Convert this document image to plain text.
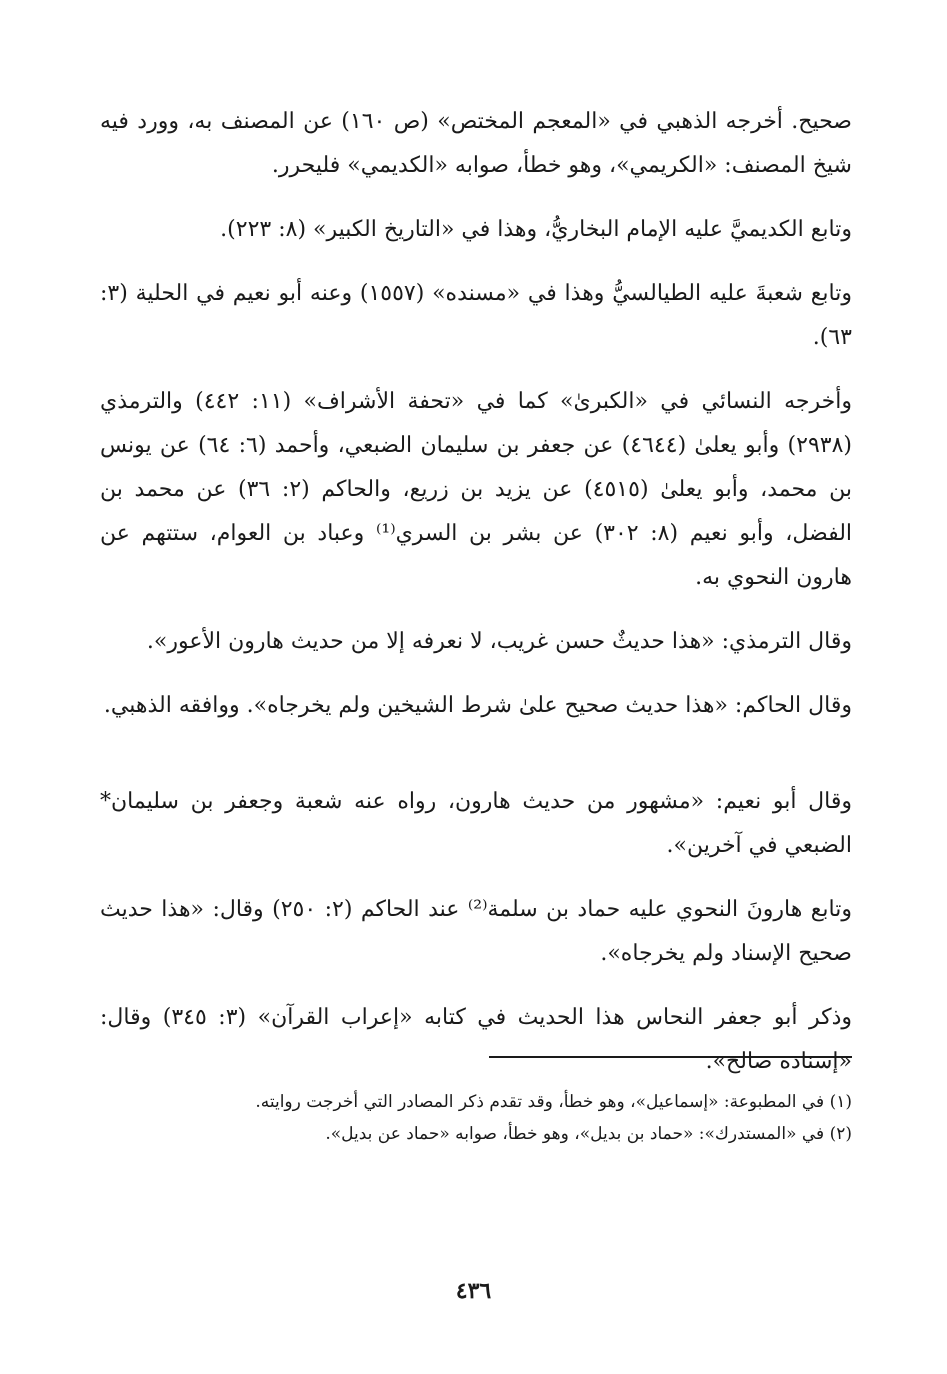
صحيح. أخرجه الذهبي في «المعجم المختص» (ص ١٦٠) عن المصنف به، وورد فيه شيخ المصنف: «الكريمي»، وهو خطأ، صوابه «الكديمي» فليحرر.

وتابع الكديميَّ عليه الإمام البخاريُّ، وهذا في «التاريخ الكبير» (٨: ٢٢٣).

وتابع شعبةَ عليه الطيالسيُّ وهذا في «مسنده» (١٥٥٧) وعنه أبو نعيم في الحلية (٣: ٦٣).

وأخرجه النسائي في «الكبرىٰ» كما في «تحفة الأشراف» (١١: ٤٤٢) والترمذي (٢٩٣٨) وأبو يعلىٰ (٤٦٤٤) عن جعفر بن سليمان الضبعي، وأحمد (٦: ٦٤) عن يونس بن محمد، وأبو يعلىٰ (٤٥١٥) عن يزيد بن زريع، والحاكم (٢: ٣٦) عن محمد بن الفضل، وأبو نعيم (٨: ٣٠٢) عن بشر بن السري⁽¹⁾ وعباد بن العوام، ستتهم عن هارون النحوي به.

وقال الترمذي: «هذا حديثٌ حسن غريب، لا نعرفه إلا من حديث هارون الأعور».

وقال الحاكم: «هذا حديث صحيح علىٰ شرط الشيخين ولم يخرجاه». ووافقه الذهبي.

وقال أبو نعيم: «مشهور من حديث هارون، رواه عنه شعبة وجعفر بن سليمان* الضبعي في آخرين».

وتابع هارونَ النحوي عليه حماد بن سلمة⁽²⁾ عند الحاكم (٢: ٢٥٠) وقال: «هذا حديث صحيح الإسناد ولم يخرجاه».

وذكر أبو جعفر النحاس هذا الحديث في كتابه «إعراب القرآن» (٣: ٣٤٥) وقال: «إسناده صالح».

(١) في المطبوعة: «إسماعيل»، وهو خطأ، وقد تقدم ذكر المصادر التي أخرجت روايته.

(٢) في «المستدرك»: «حماد بن بديل»، وهو خطأ، صوابه «حماد عن بديل».

٤٣٦
